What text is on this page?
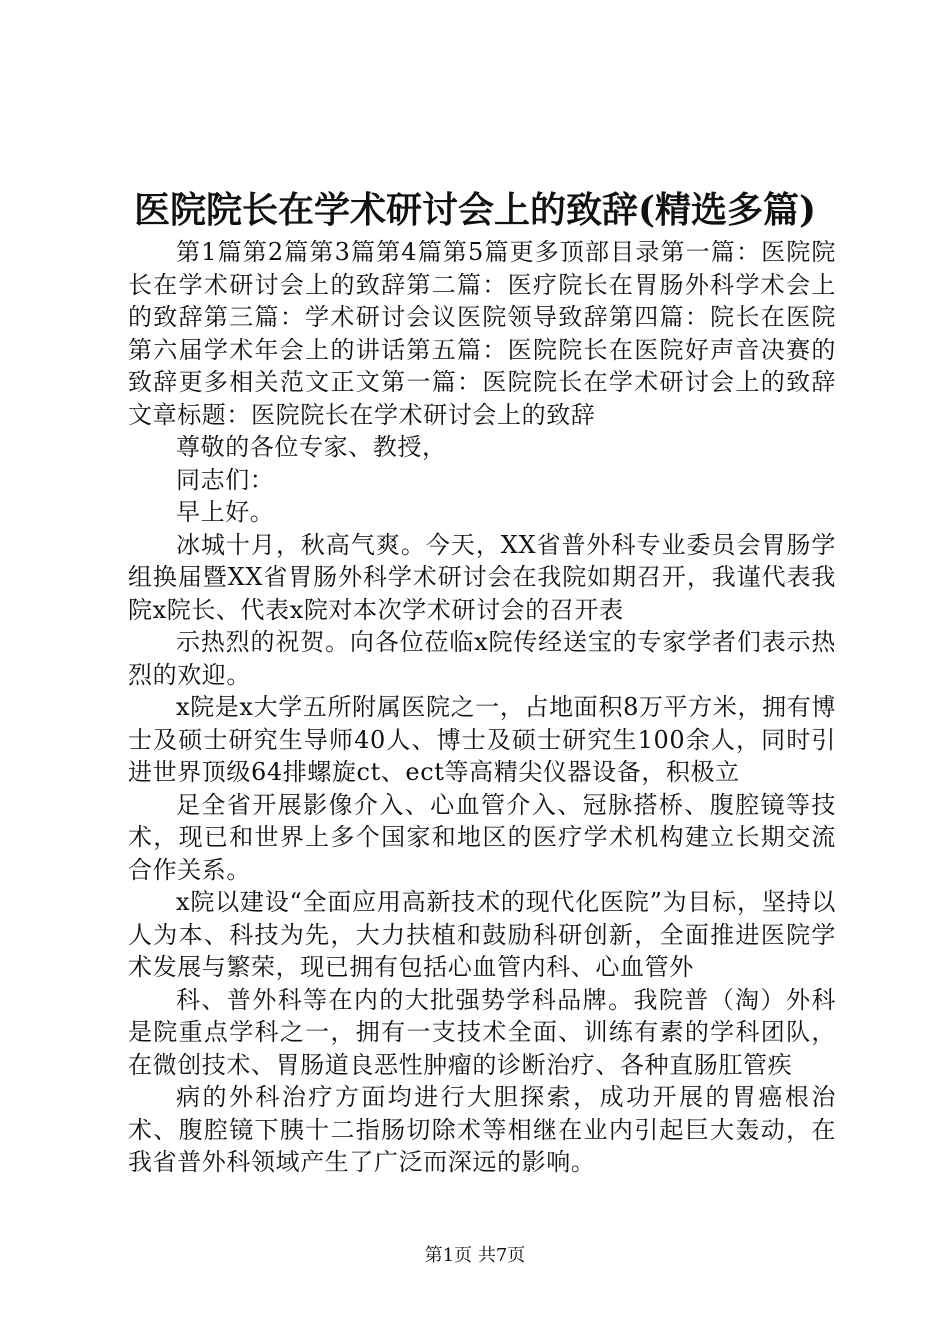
医院院长在学术研讨会上的致辞(精选多篇)

第1篇第2篇第3篇第4篇第5篇更多顶部目录第一篇：医院院长在学术研讨会上的致辞第二篇：医疗院长在胃肠外科学术会上的致辞第三篇：学术研讨会议医院领导致辞第四篇：院长在医院第六届学术年会上的讲话第五篇：医院院长在医院好声音决赛的致辞更多相关范文正文第一篇：医院院长在学术研讨会上的致辞文章标题：医院院长在学术研讨会上的致辞

尊敬的各位专家、教授，

同志们：

早上好。

冰城十月，秋高气爽。今天，XX省普外科专业委员会胃肠学组换届暨XX省胃肠外科学术研讨会在我院如期召开，我谨代表我院x院长、代表x院对本次学术研讨会的召开表

示热烈的祝贺。向各位莅临x院传经送宝的专家学者们表示热烈的欢迎。

x院是x大学五所附属医院之一，占地面积8万平方米，拥有博士及硕士研究生导师40人、博士及硕士研究生100余人，同时引进世界顶级64排螺旋ct、ect等高精尖仪器设备，积极立

足全省开展影像介入、心血管介入、冠脉搭桥、腹腔镜等技术，现已和世界上多个国家和地区的医疗学术机构建立长期交流合作关系。

x院以建设“全面应用高新技术的现代化医院”为目标，坚持以人为本、科技为先，大力扶植和鼓励科研创新，全面推进医院学术发展与繁荣，现已拥有包括心血管内科、心血管外

科、普外科等在内的大批强势学科品牌。我院普（淘）外科是院重点学科之一，拥有一支技术全面、训练有素的学科团队，在微创技术、胃肠道良恶性肿瘤的诊断治疗、各种直肠肛管疾

病的外科治疗方面均进行大胆探索，成功开展的胃癌根治术、腹腔镜下胰十二指肠切除术等相继在业内引起巨大轰动，在我省普外科领域产生了广泛而深远的影响。

第1页 共7页
